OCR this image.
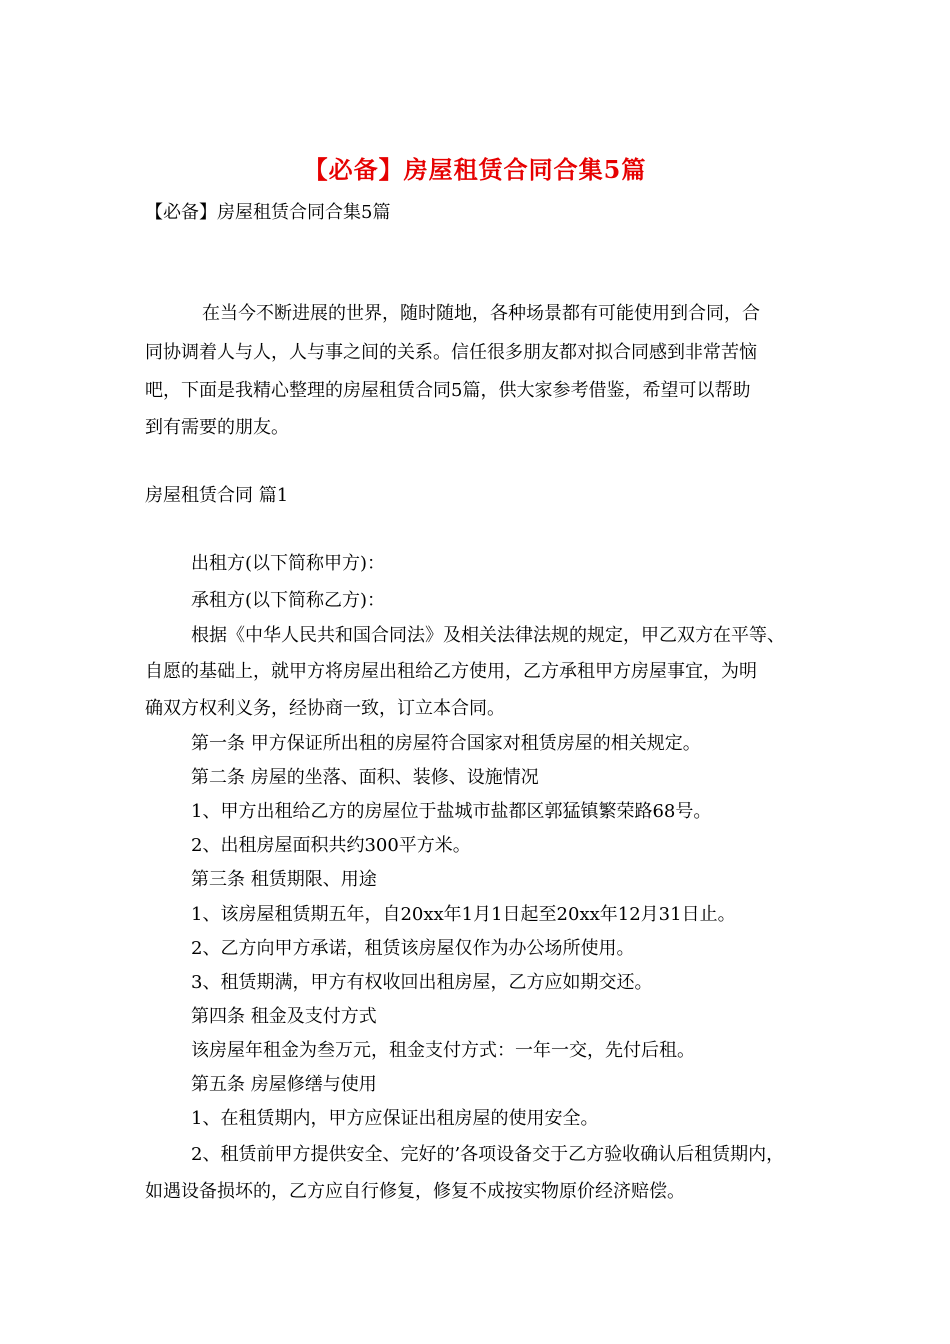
【必备】房屋租赁合同合集5篇
【必备】房屋租赁合同合集5篇
在当今不断进展的世界，随时随地，各种场景都有可能使用到合同，合
同协调着人与人，人与事之间的关系。信任很多朋友都对拟合同感到非常苦恼
吧，下面是我精心整理的房屋租赁合同5篇，供大家参考借鉴，希望可以帮助
到有需要的朋友。
房屋租赁合同 篇1
出租方(以下简称甲方)：
承租方(以下简称乙方)：
根据《中华人民共和国合同法》及相关法律法规的规定，甲乙双方在平等、
自愿的基础上，就甲方将房屋出租给乙方使用，乙方承租甲方房屋事宜，为明
确双方权利义务，经协商一致，订立本合同。
第一条 甲方保证所出租的房屋符合国家对租赁房屋的相关规定。
第二条 房屋的坐落、面积、装修、设施情况
1、甲方出租给乙方的房屋位于盐城市盐都区郭猛镇繁荣路68号。
2、出租房屋面积共约300平方米。
第三条 租赁期限、用途
1、该房屋租赁期五年，自20xx年1月1日起至20xx年12月31日止。
2、乙方向甲方承诺，租赁该房屋仅作为办公场所使用。
3、租赁期满，甲方有权收回出租房屋，乙方应如期交还。
第四条 租金及支付方式
该房屋年租金为叁万元，租金支付方式：一年一交，先付后租。
第五条 房屋修缮与使用
1、在租赁期内，甲方应保证出租房屋的使用安全。
2、租赁前甲方提供安全、完好的’各项设备交于乙方验收确认后租赁期内，
如遇设备损坏的，乙方应自行修复，修复不成按实物原价经济赔偿。
